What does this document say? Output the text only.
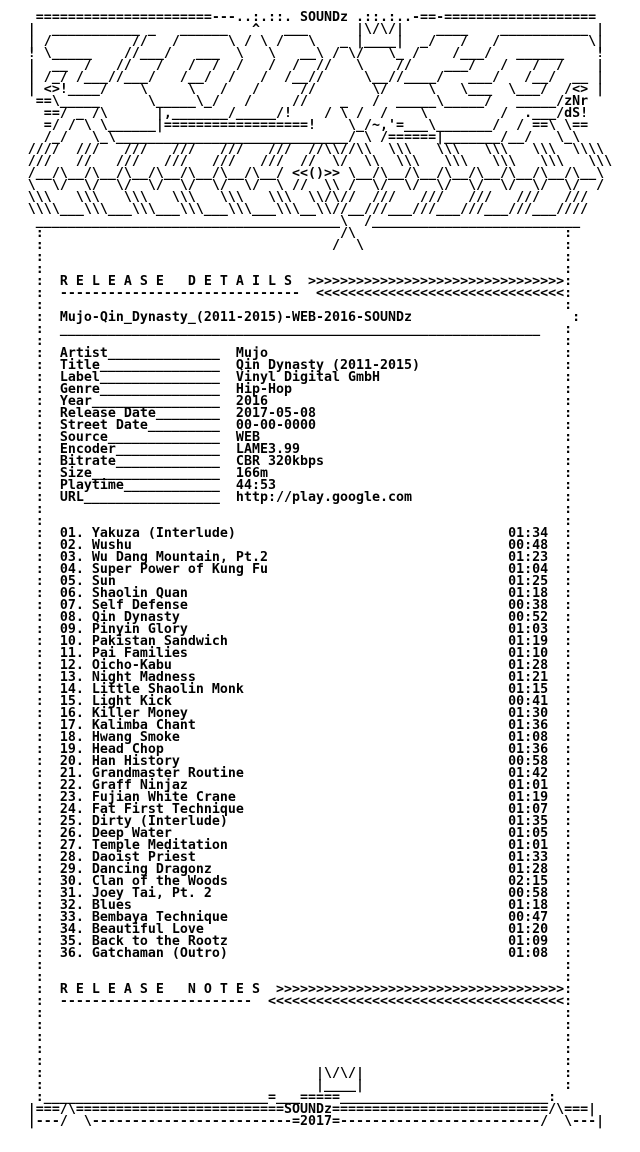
======================---..:.::. SOUNDz .::.:..-==-===================
|  ___________ _   ______   ^   ___      |\/\/|    ____    ___________ |
| /          //   /      \ / \ /   \   _ |____|  _/   /   /           \|
! \_____    //___/   ___  \   \   __\ / \/   \_ /    /___/   ______    !
|  __  /   //   /   /  /  /   /  /  //   \    //    ___/   /   /  /    |
| /_/ /___//___/   /__/  /   /  /__//     \__//____/   ___/   /__/  __ |
| <>!____/    \     \   /   /     //       \/     \   \___  \___/  /<> |
==\_____      \_____\_/   /     //    _   /  _____\_____/   _____/zNr
==/ _ /\      |,_______/_____/!    / \ /  /    \         /  .___/dS!
=/ / \ \______|==================!    \_/~,'=___\_______/  / ==\ \==
/_/   \_\_____________________________/ \ /======|_______/__/   \_\
////  ///   ///   ///   ///   ///  //\\//\\  \\\   \\\   \\\   \\\  \\\\
///   //   ///   ///   ///   ///  //  \/  \\  \\\   \\\   \\\   \\\   \\\
/__/\__/\__/\__/\__/\__/\__/\__/ <<()>> \__/\__/\__/\__/\__/\__/\__/\__\
\  \/  \/  \/  \/  \/  \/  \/  \ //  \\ /  \/  \/  \/  \/  \/  \/  \/  /
\\\   \\\   \\\   \\\   \\\   \\\  \\/\//  ///   ///   ///   ///   ///
\\\\___\\\___\\\___\\\___\\\___\\\__\\//__///___///___///___///___////
______________________________________\  /__________________________
:                                     /\                          :
:                                    /  \                         :
:                                                                 :
:                                                                 :
:  R E L E A S E   D E T A I L S  >>>>>>>>>>>>>>>>>>>>>>>>>>>>>>>>:
:  ------------------------------  <<<<<<<<<<<<<<<<<<<<<<<<<<<<<<<:
:                                                                 :
:  Mujo-Qin_Dynasty_(2011-2015)-WEB-2016-SOUNDz                    :
:  ____________________________________________________________   :
:                                                                 :
:  Artist______________  Mujo                                     :
:  Title_______________  Qin Dynasty (2011-2015)                  :
:  Label_______________  Vinyl Digital GmbH                       :
:  Genre_______________  Hip-Hop                                  :
:  Year________________  2016                                     :
:  Release Date________  2017-05-08                               :
:  Street Date_________  00-00-0000                               :
:  Source______________  WEB                                      :
:  Encoder_____________  LAME3.99                                 :
:  Bitrate_____________  CBR 320kbps                              :
:  Size________________  166m                                     :
:  Playtime____________  44:53                                    :
:  URL_________________  http://play.google.com                   :
:                                                                 :
:                                                                 :
:  01. Yakuza (Interlude)                                  01:34  :
:  02. Wushu                                               00:48  :
:  03. Wu Dang Mountain, Pt.2                              01:23  :
:  04. Super Power of Kung Fu                              01:04  :
:  05. Sun                                                 01:25  :
:  06. Shaolin Quan                                        01:18  :
:  07. Self Defense                                        00:38  :
:  08. Qin Dynasty                                         00:52  :
:  09. Pinyin Glory                                        01:03  :
:  10. Pakistan Sandwich                                   01:19  :
:  11. Pai Families                                        01:10  :
:  12. Oicho-Kabu                                          01:28  :
:  13. Night Madness                                       01:21  :
:  14. Little Shaolin Monk                                 01:15  :
:  15. Light Kick                                          00:41  :
:  16. Killer Money                                        01:30  :
:  17. Kalimba Chant                                       01:36  :
:  18. Hwang Smoke                                         01:08  :
:  19. Head Chop                                           01:36  :
:  20. Han History                                         00:58  :
:  21. Grandmaster Routine                                 01:42  :
:  22. Graff Ninjaz                                        01:01  :
:  23. Fujian White Crane                                  01:19  :
:  24. Fat First Technique                                 01:07  :
:  25. Dirty (Interlude)                                   01:35  :
:  26. Deep Water                                          01:05  :
:  27. Temple Meditation                                   01:01  :
:  28. Daoist Priest                                       01:33  :
:  29. Dancing Dragonz                                     01:28  :
:  30. Clan of the Woods                                   02:15  :
:  31. Joey Tai, Pt. 2                                     00:58  :
:  32. Blues                                               01:18  :
:  33. Bembaya Technique                                   00:47  :
:  34. Beautiful Love                                      01:20  :
:  35. Back to the Rootz                                   01:09  :
:  36. Gatchaman (Outro)                                   01:08  :
:                                                                 :
:                                                                 :
:  R E L E A S E   N O T E S  >>>>>>>>>>>>>>>>>>>>>>>>>>>>>>>>>>>>:
:  ------------------------  <<<<<<<<<<<<<<<<<<<<<<<<<<<<<<<<<<<<<:
:                                                                 :
:                                                                 :
:                                                                 :
:                                                                 :
:                                                                 :
:                                  |\/\/|                         :
:                                  |____|                         :
:____________________________=___=====__________________________:
|===/\==========================SOUNDz===========================/\===|
|---/  \-------------------------=2017=-------------------------/  \---|
